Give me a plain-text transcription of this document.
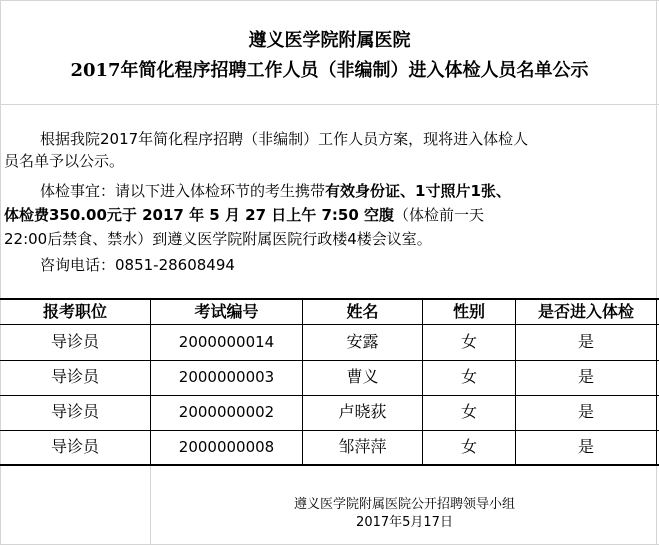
遵义医学院附属医院
2017年简化程序招聘工作人员（非编制）进入体检人员名单公示
根据我院2017年简化程序招聘（非编制）工作人员方案，现将进入体检人
员名单予以公示。
体检事宜：请以下进入体检环节的考生携带有效身份证、1寸照片1张、
体检费350.00元于 2017 年 5 月 27 日上午 7:50 空腹（体检前一天
22:00后禁食、禁水）到遵义医学院附属医院行政楼4楼会议室。
咨询电话：0851-28608494
报考职位	考试编号	姓名	性别	是否进入体检
导诊员	2000000014	安露	女	是
导诊员	2000000003	曹义	女	是
导诊员	2000000002	卢晓荻	女	是
导诊员	2000000008	邹萍萍	女	是
遵义医学院附属医院公开招聘领导小组
2017年5月17日
